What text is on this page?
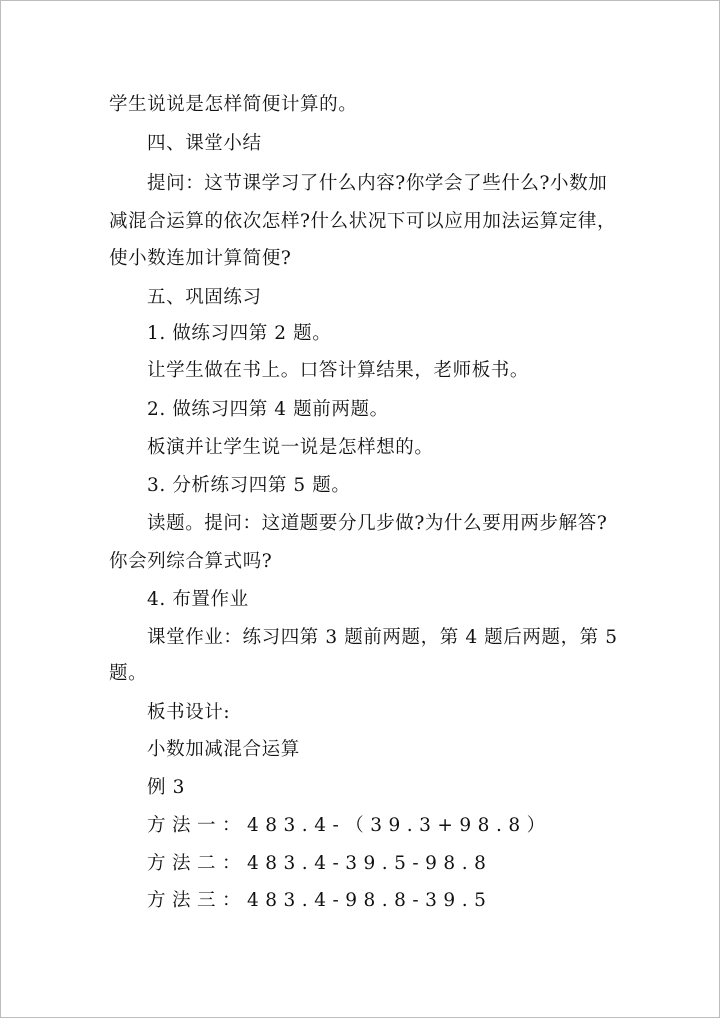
学生说说是怎样简便计算的。
四、课堂小结
提问：这节课学习了什么内容?你学会了些什么?小数加
减混合运算的依次怎样?什么状况下可以应用加法运算定律，
使小数连加计算简便?
五、巩固练习
1. 做练习四第 2 题。
让学生做在书上。口答计算结果，老师板书。
2. 做练习四第 4 题前两题。
板演并让学生说一说是怎样想的。
3. 分析练习四第 5 题。
读题。提问：这道题要分几步做?为什么要用两步解答?
你会列综合算式吗?
4. 布置作业
课堂作业：练习四第 3 题前两题，第 4 题后两题，第 5
题。
板书设计:
小数加减混合运算
例 3
方法一：483.4-（39.3+98.8）
方法二：483.4-39.5-98.8
方法三：483.4-98.8-39.5
